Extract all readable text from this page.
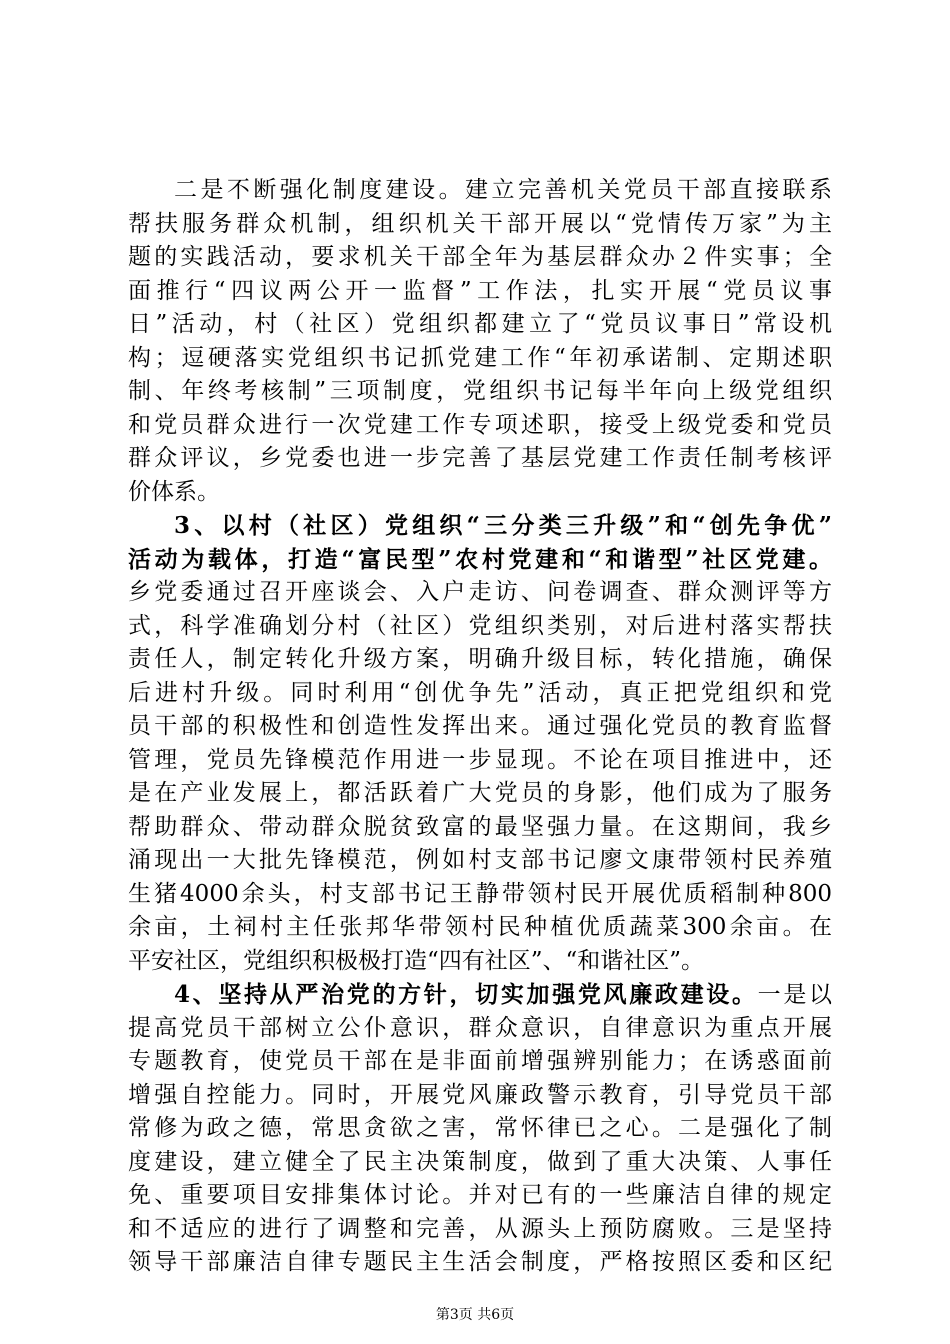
二是不断强化制度建设。建立完善机关党员干部直接联系
帮扶服务群众机制，组织机关干部开展以“党情传万家”为主
题的实践活动，要求机关干部全年为基层群众办２件实事；全
面推行“四议两公开一监督”工作法，扎实开展“党员议事
日”活动，村（社区）党组织都建立了“党员议事日”常设机
构；逗硬落实党组织书记抓党建工作“年初承诺制、定期述职
制、年终考核制”三项制度，党组织书记每半年向上级党组织
和党员群众进行一次党建工作专项述职，接受上级党委和党员
群众评议，乡党委也进一步完善了基层党建工作责任制考核评
价体系。
3、以村（社区）党组织“三分类三升级”和“创先争优”
活动为载体，打造“富民型”农村党建和“和谐型”社区党建。
乡党委通过召开座谈会、入户走访、问卷调查、群众测评等方
式，科学准确划分村（社区）党组织类别，对后进村落实帮扶
责任人，制定转化升级方案，明确升级目标，转化措施，确保
后进村升级。同时利用“创优争先”活动，真正把党组织和党
员干部的积极性和创造性发挥出来。通过强化党员的教育监督
管理，党员先锋模范作用进一步显现。不论在项目推进中，还
是在产业发展上，都活跃着广大党员的身影，他们成为了服务
帮助群众、带动群众脱贫致富的最坚强力量。在这期间，我乡
涌现出一大批先锋模范，例如村支部书记廖文康带领村民养殖
生猪4000余头，村支部书记王静带领村民开展优质稻制种800
余亩，土祠村主任张邦华带领村民种植优质蔬菜300余亩。在
平安社区，党组织积极极打造“四有社区”、“和谐社区”。
4、坚持从严治党的方针，切实加强党风廉政建设。一是以
提高党员干部树立公仆意识，群众意识，自律意识为重点开展
专题教育，使党员干部在是非面前增强辨别能力；在诱惑面前
增强自控能力。同时，开展党风廉政警示教育，引导党员干部
常修为政之德，常思贪欲之害，常怀律已之心。二是强化了制
度建设，建立健全了民主决策制度，做到了重大决策、人事任
免、重要项目安排集体讨论。并对已有的一些廉洁自律的规定
和不适应的进行了调整和完善，从源头上预防腐败。三是坚持
领导干部廉洁自律专题民主生活会制度，严格按照区委和区纪
第3页 共6页
